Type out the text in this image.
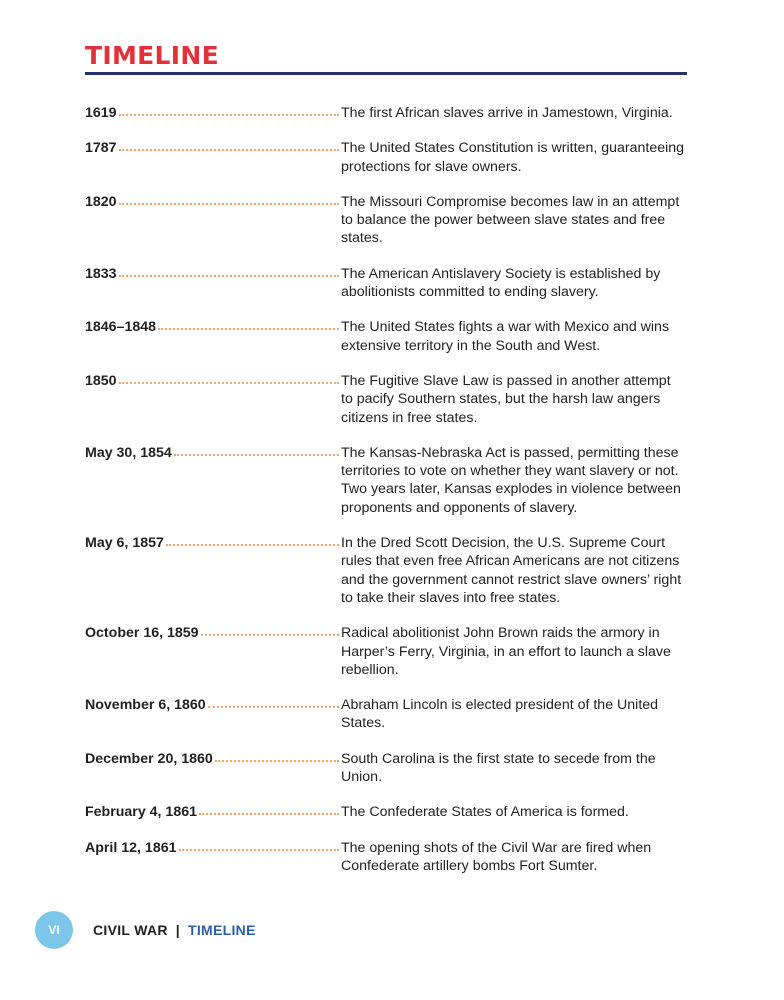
TIMELINE
1619	The first African slaves arrive in Jamestown, Virginia.

1787	The United States Constitution is written, guaranteeing protections for slave owners.

1820	The Missouri Compromise becomes law in an attempt to balance the power between slave states and free states.

1833	The American Antislavery Society is established by abolitionists committed to ending slavery.

1846–1848	The United States fights a war with Mexico and wins extensive territory in the South and West.

1850	The Fugitive Slave Law is passed in another attempt to pacify Southern states, but the harsh law angers citizens in free states.

May 30, 1854	The Kansas-Nebraska Act is passed, permitting these territories to vote on whether they want slavery or not. Two years later, Kansas explodes in violence between proponents and opponents of slavery.

May 6, 1857	In the Dred Scott Decision, the U.S. Supreme Court rules that even free African Americans are not citizens and the government cannot restrict slave owners’ right to take their slaves into free states.

October 16, 1859	Radical abolitionist John Brown raids the armory in Harper’s Ferry, Virginia, in an effort to launch a slave rebellion.

November 6, 1860	Abraham Lincoln is elected president of the United States.

December 20, 1860	South Carolina is the first state to secede from the Union.

February 4, 1861	The Confederate States of America is formed.

April 12, 1861	The opening shots of the Civil War are fired when Confederate artillery bombs Fort Sumter.

VI	CIVIL WAR | TIMELINE
